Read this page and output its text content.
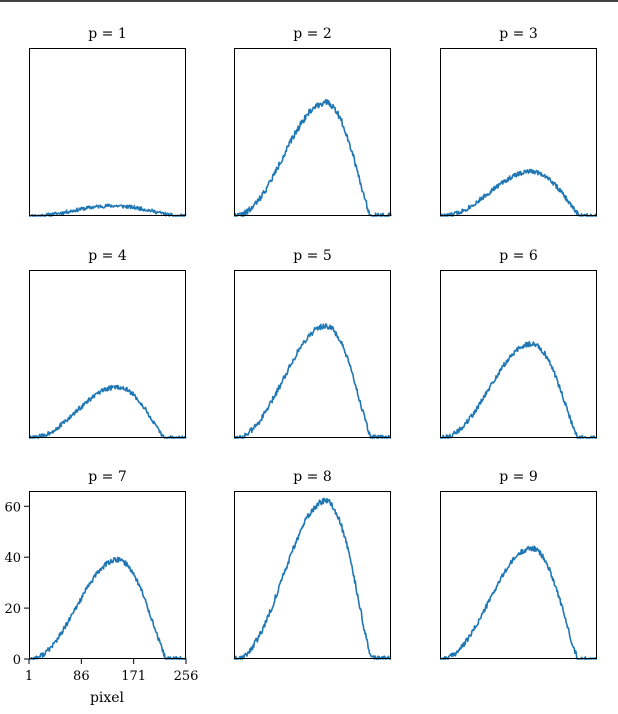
p = 1	p = 2	p = 3
p = 4	p = 5	p = 6
p = 7
1	86 171 256
0
20
40
60
pixel
p = 8	p = 9
